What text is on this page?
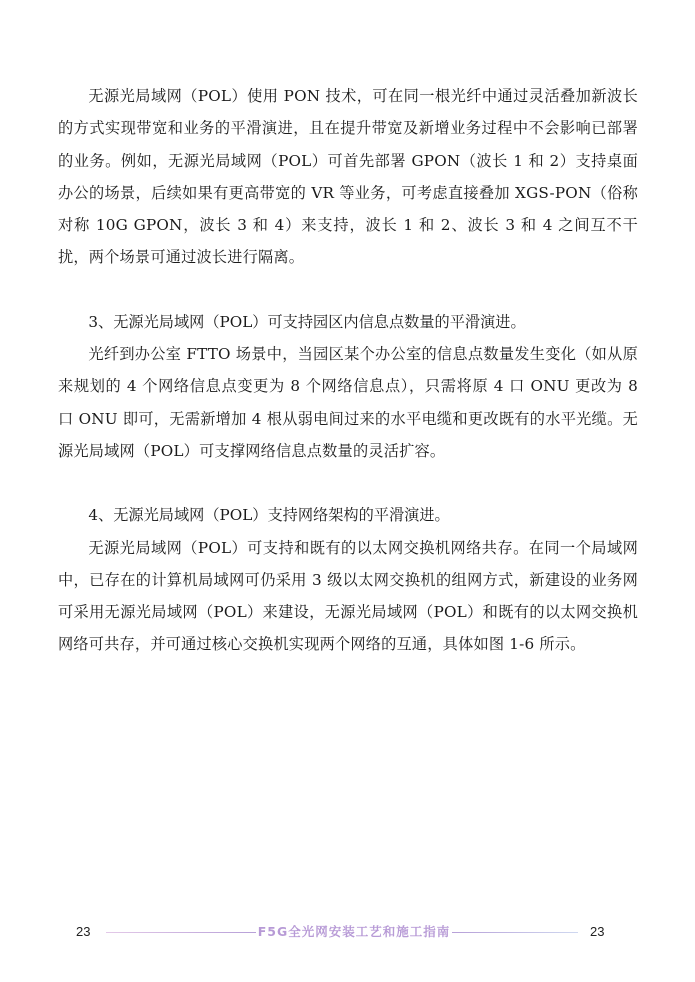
无源光局域网（POL）使用 PON 技术，可在同一根光纤中通过灵活叠加新波长的方式实现带宽和业务的平滑演进，且在提升带宽及新增业务过程中不会影响已部署的业务。例如，无源光局域网（POL）可首先部署 GPON（波长 1 和 2）支持桌面办公的场景，后续如果有更高带宽的 VR 等业务，可考虑直接叠加 XGS-PON（俗称对称 10G GPON，波长 3 和 4）来支持，波长 1 和 2、波长 3 和 4 之间互不干扰，两个场景可通过波长进行隔离。

3、无源光局域网（POL）可支持园区内信息点数量的平滑演进。

光纤到办公室 FTTO 场景中，当园区某个办公室的信息点数量发生变化（如从原来规划的 4 个网络信息点变更为 8 个网络信息点），只需将原 4 口 ONU 更改为 8 口 ONU 即可，无需新增加 4 根从弱电间过来的水平电缆和更改既有的水平光缆。无源光局域网（POL）可支撑网络信息点数量的灵活扩容。

4、无源光局域网（POL）支持网络架构的平滑演进。

无源光局域网（POL）可支持和既有的以太网交换机网络共存。在同一个局域网中，已存在的计算机局域网可仍采用 3 级以太网交换机的组网方式，新建设的业务网可采用无源光局域网（POL）来建设，无源光局域网（POL）和既有的以太网交换机网络可共存，并可通过核心交换机实现两个网络的互通，具体如图 1-6 所示。

23	F5G全光网安装工艺和施工指南	23
